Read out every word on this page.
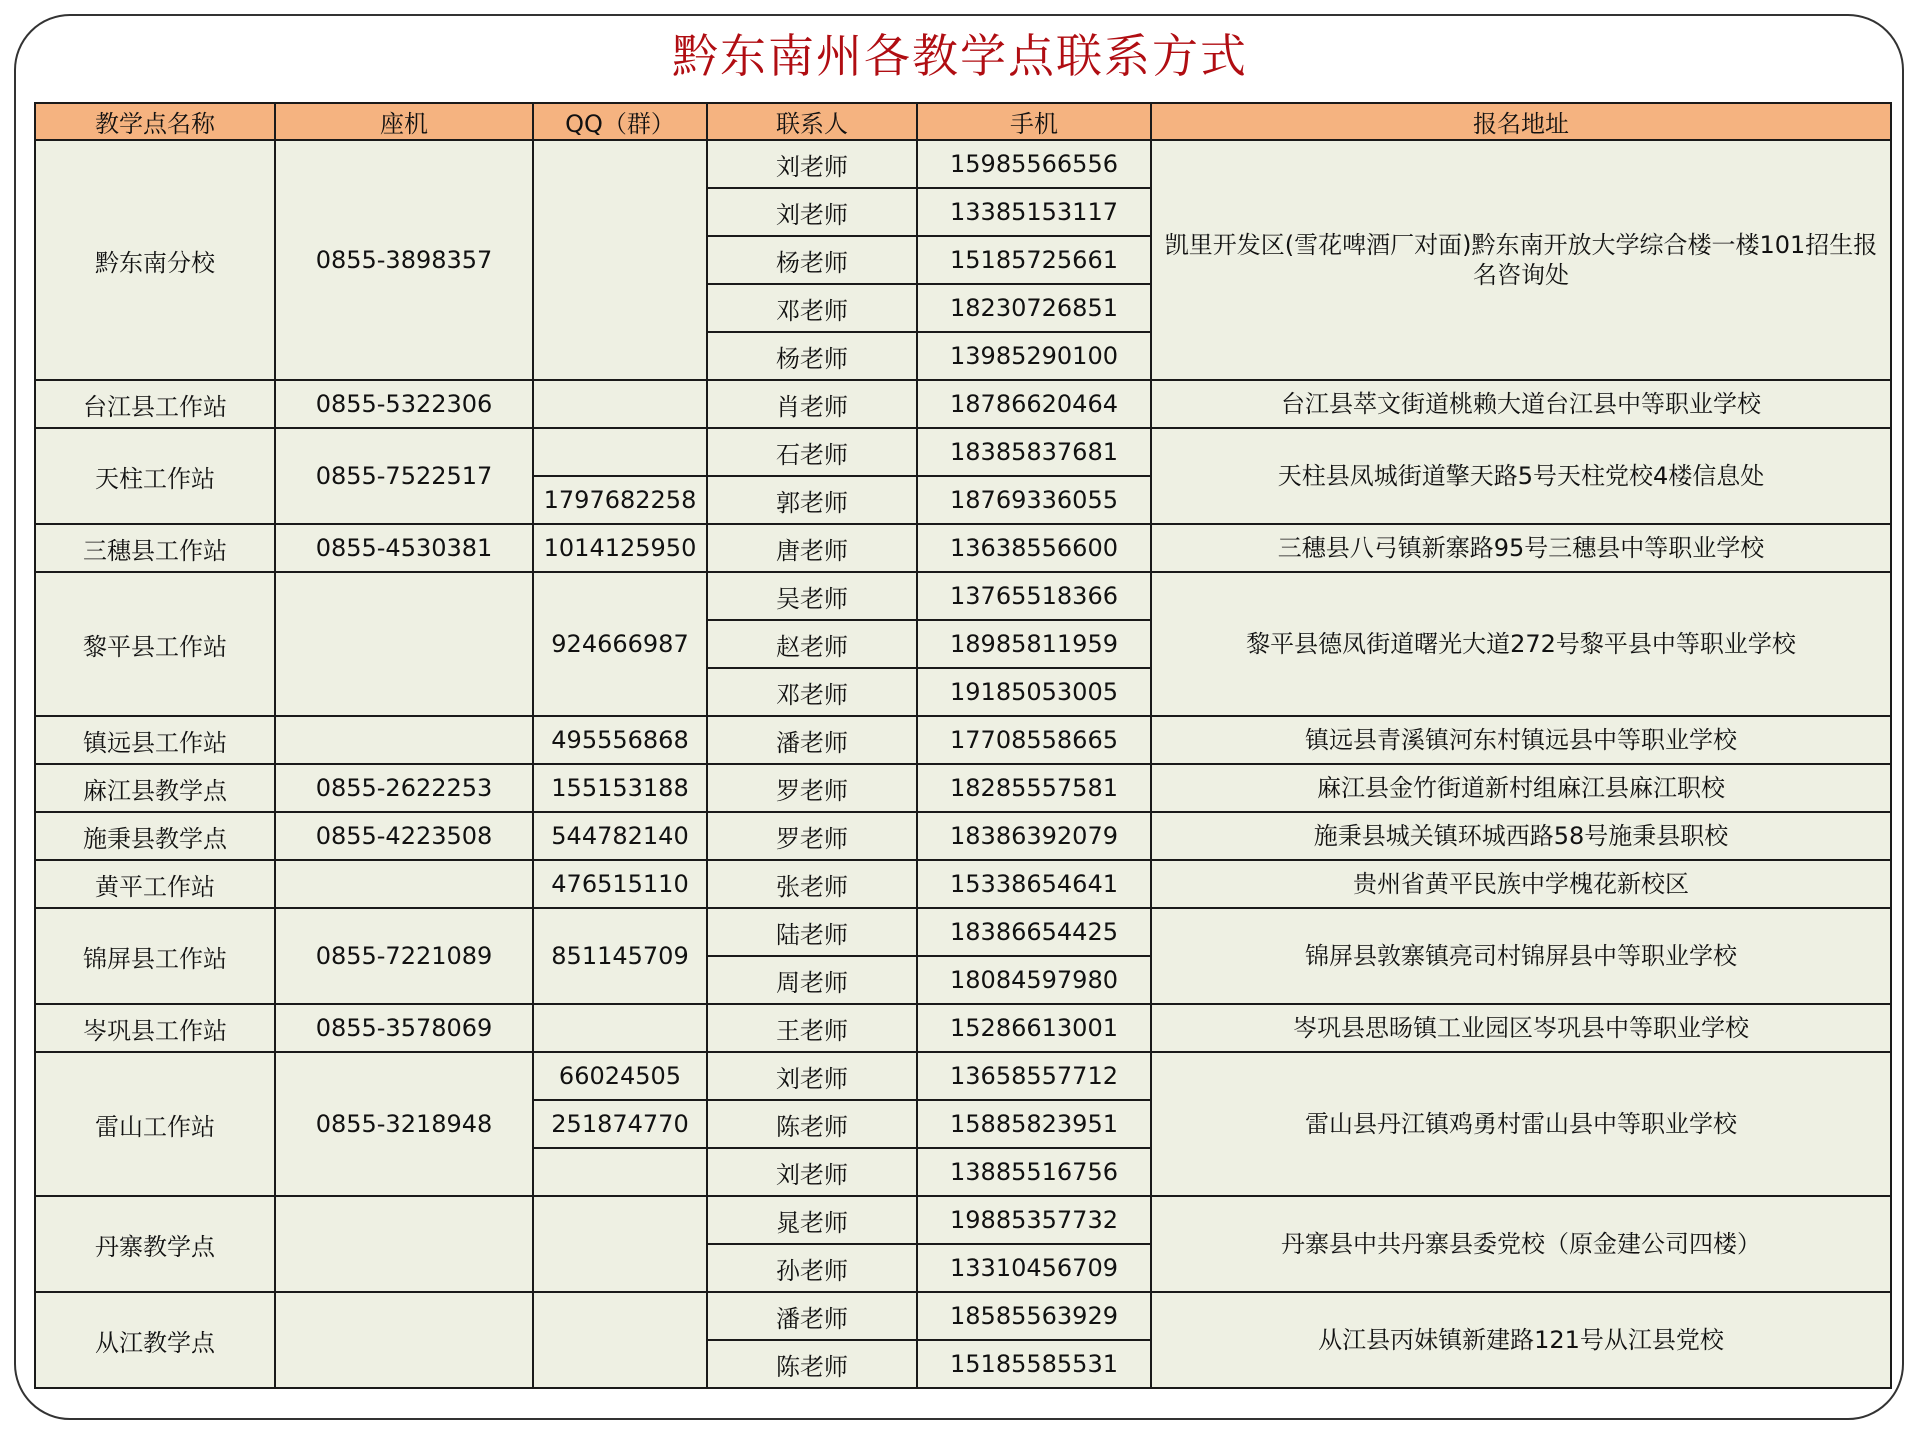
黔东南州各教学点联系方式
教学点名称	座机	QQ（群）	联系人	手机	报名地址
黔东南分校	0855-3898357		刘老师	15985566556	凯里开发区(雪花啤酒厂对面)黔东南开放大学综合楼一楼101招生报名咨询处
			刘老师	13385153117	
			杨老师	15185725661	
			邓老师	18230726851	
			杨老师	13985290100	
台江县工作站	0855-5322306		肖老师	18786620464	台江县萃文街道桃赖大道台江县中等职业学校
天柱工作站	0855-7522517		石老师	18385837681	天柱县凤城街道擎天路5号天柱党校4楼信息处
		1797682258	郭老师	18769336055	
三穗县工作站	0855-4530381	1014125950	唐老师	13638556600	三穗县八弓镇新寨路95号三穗县中等职业学校
黎平县工作站		924666987	吴老师	13765518366	黎平县德凤街道曙光大道272号黎平县中等职业学校
			赵老师	18985811959	
			邓老师	19185053005	
镇远县工作站		495556868	潘老师	17708558665	镇远县青溪镇河东村镇远县中等职业学校
麻江县教学点	0855-2622253	155153188	罗老师	18285557581	麻江县金竹街道新村组麻江县麻江职校
施秉县教学点	0855-4223508	544782140	罗老师	18386392079	施秉县城关镇环城西路58号施秉县职校
黄平工作站		476515110	张老师	15338654641	贵州省黄平民族中学槐花新校区
锦屏县工作站	0855-7221089	851145709	陆老师	18386654425	锦屏县敦寨镇亮司村锦屏县中等职业学校
			周老师	18084597980	
岑巩县工作站	0855-3578069		王老师	15286613001	岑巩县思旸镇工业园区岑巩县中等职业学校
雷山工作站	0855-3218948	66024505	刘老师	13658557712	雷山县丹江镇鸡勇村雷山县中等职业学校
		251874770	陈老师	15885823951	
			刘老师	13885516756	
丹寨教学点			晁老师	19885357732	丹寨县中共丹寨县委党校（原金建公司四楼）
			孙老师	13310456709	
从江教学点			潘老师	18585563929	从江县丙妹镇新建路121号从江县党校
			陈老师	15185585531	
